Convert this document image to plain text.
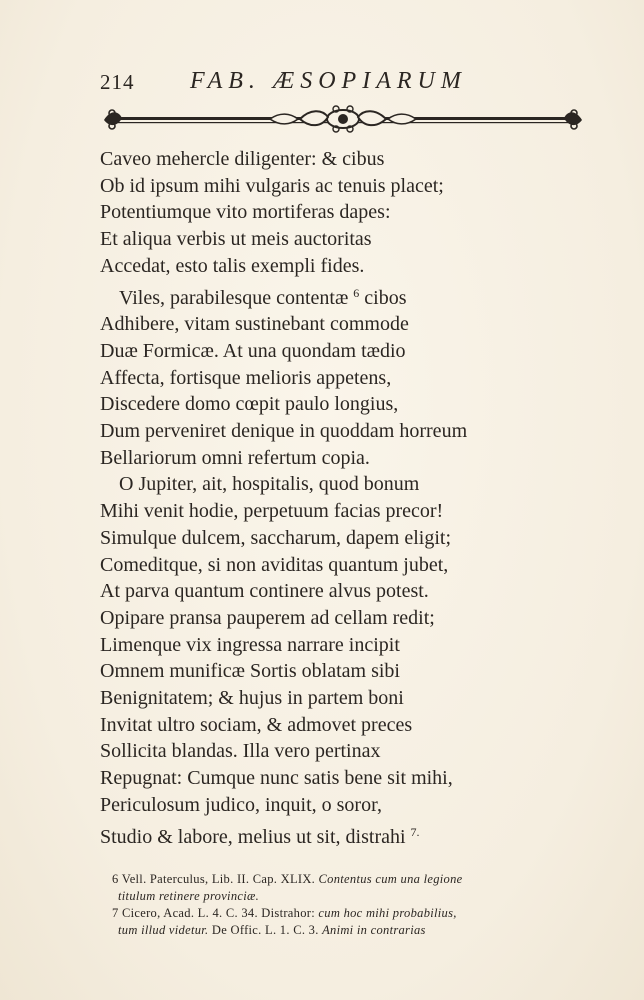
214 FAB. ÆSOPIARUM
Caveo mehercle diligenter: & cibus
Ob id ipsum mihi vulgaris ac tenuis placet;
Potentiumque vito mortiferas dapes:
Et aliqua verbis ut meis auctoritas
Accedat, esto talis exempli fides.
Viles, parabilesque contentæ $^6$ cibos
Adhibere, vitam sustinebant commode
Duæ Formicæ. At una quondam tædio
Affecta, fortisque melioris appetens,
Discedere domo cœpit paulo longius,
Dum perveniret denique in quoddam horreum
Bellariorum omni refertum copia.
O Jupiter, ait, hospitalis, quod bonum
Mihi venit hodie, perpetuum facias precor!
Simulque dulcem, saccharum, dapem eligit;
Comeditque, si non aviditas quantum jubet,
At parva quantum continere alvus potest.
Opipare pransa pauperem ad cellam redit;
Limenque vix ingressa narrare incipit
Omnem munificæ Sortis oblatam sibi
Benignitatem; & hujus in partem boni
Invitat ultro sociam, & admovet preces
Sollicita blandas. Illa vero pertinax
Repugnat: Cumque nunc satis bene sit mihi,
Periculosum judico, inquit, o soror,
Studio & labore, melius ut sit, distrahi $^{7.}$
6 Vell. Paterculus, Lib. II. Cap. XLIX. Contentus cum una legione
titulum retinere provinciæ.
7 Cicero, Acad. L. 4. C. 34. Distrahor: cum hoc mihi probabilius,
tum illud videtur. De Offic. L. 1. C. 3. Animi in contrarias
